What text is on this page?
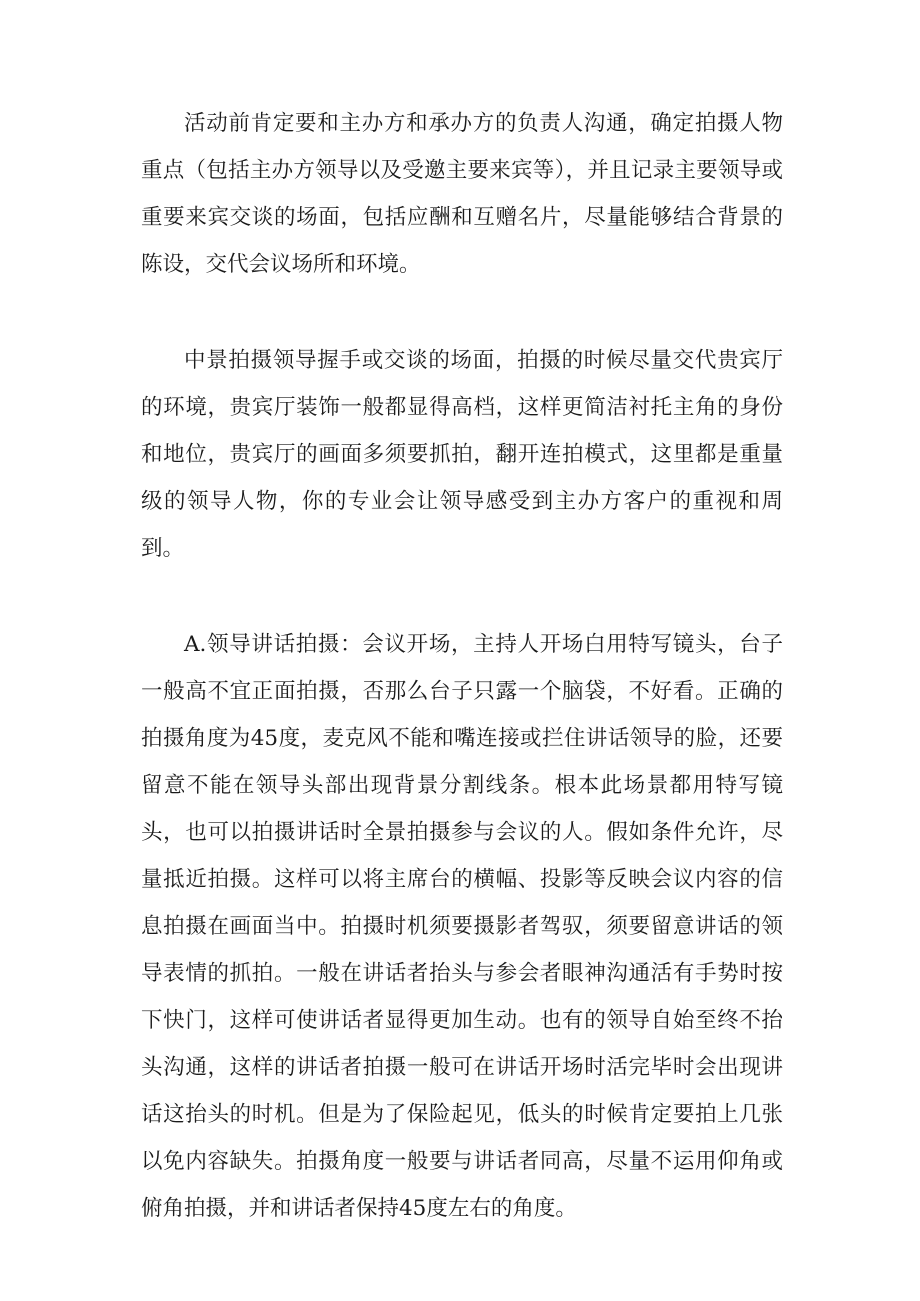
活动前肯定要和主办方和承办方的负责人沟通，确定拍摄人物重点（包括主办方领导以及受邀主要来宾等），并且记录主要领导或重要来宾交谈的场面，包括应酬和互赠名片，尽量能够结合背景的陈设，交代会议场所和环境。

中景拍摄领导握手或交谈的场面，拍摄的时候尽量交代贵宾厅的环境，贵宾厅装饰一般都显得高档，这样更简洁衬托主角的身份和地位，贵宾厅的画面多须要抓拍，翻开连拍模式，这里都是重量级的领导人物，你的专业会让领导感受到主办方客户的重视和周到。

A.领导讲话拍摄：会议开场，主持人开场白用特写镜头，台子一般高不宜正面拍摄，否那么台子只露一个脑袋，不好看。正确的拍摄角度为45度，麦克风不能和嘴连接或拦住讲话领导的脸，还要留意不能在领导头部出现背景分割线条。根本此场景都用特写镜头，也可以拍摄讲话时全景拍摄参与会议的人。假如条件允许，尽量抵近拍摄。这样可以将主席台的横幅、投影等反映会议内容的信息拍摄在画面当中。拍摄时机须要摄影者驾驭，须要留意讲话的领导表情的抓拍。一般在讲话者抬头与参会者眼神沟通活有手势时按下快门，这样可使讲话者显得更加生动。也有的领导自始至终不抬头沟通，这样的讲话者拍摄一般可在讲话开场时活完毕时会出现讲话这抬头的时机。但是为了保险起见，低头的时候肯定要拍上几张以免内容缺失。拍摄角度一般要与讲话者同高，尽量不运用仰角或俯角拍摄，并和讲话者保持45度左右的角度。
